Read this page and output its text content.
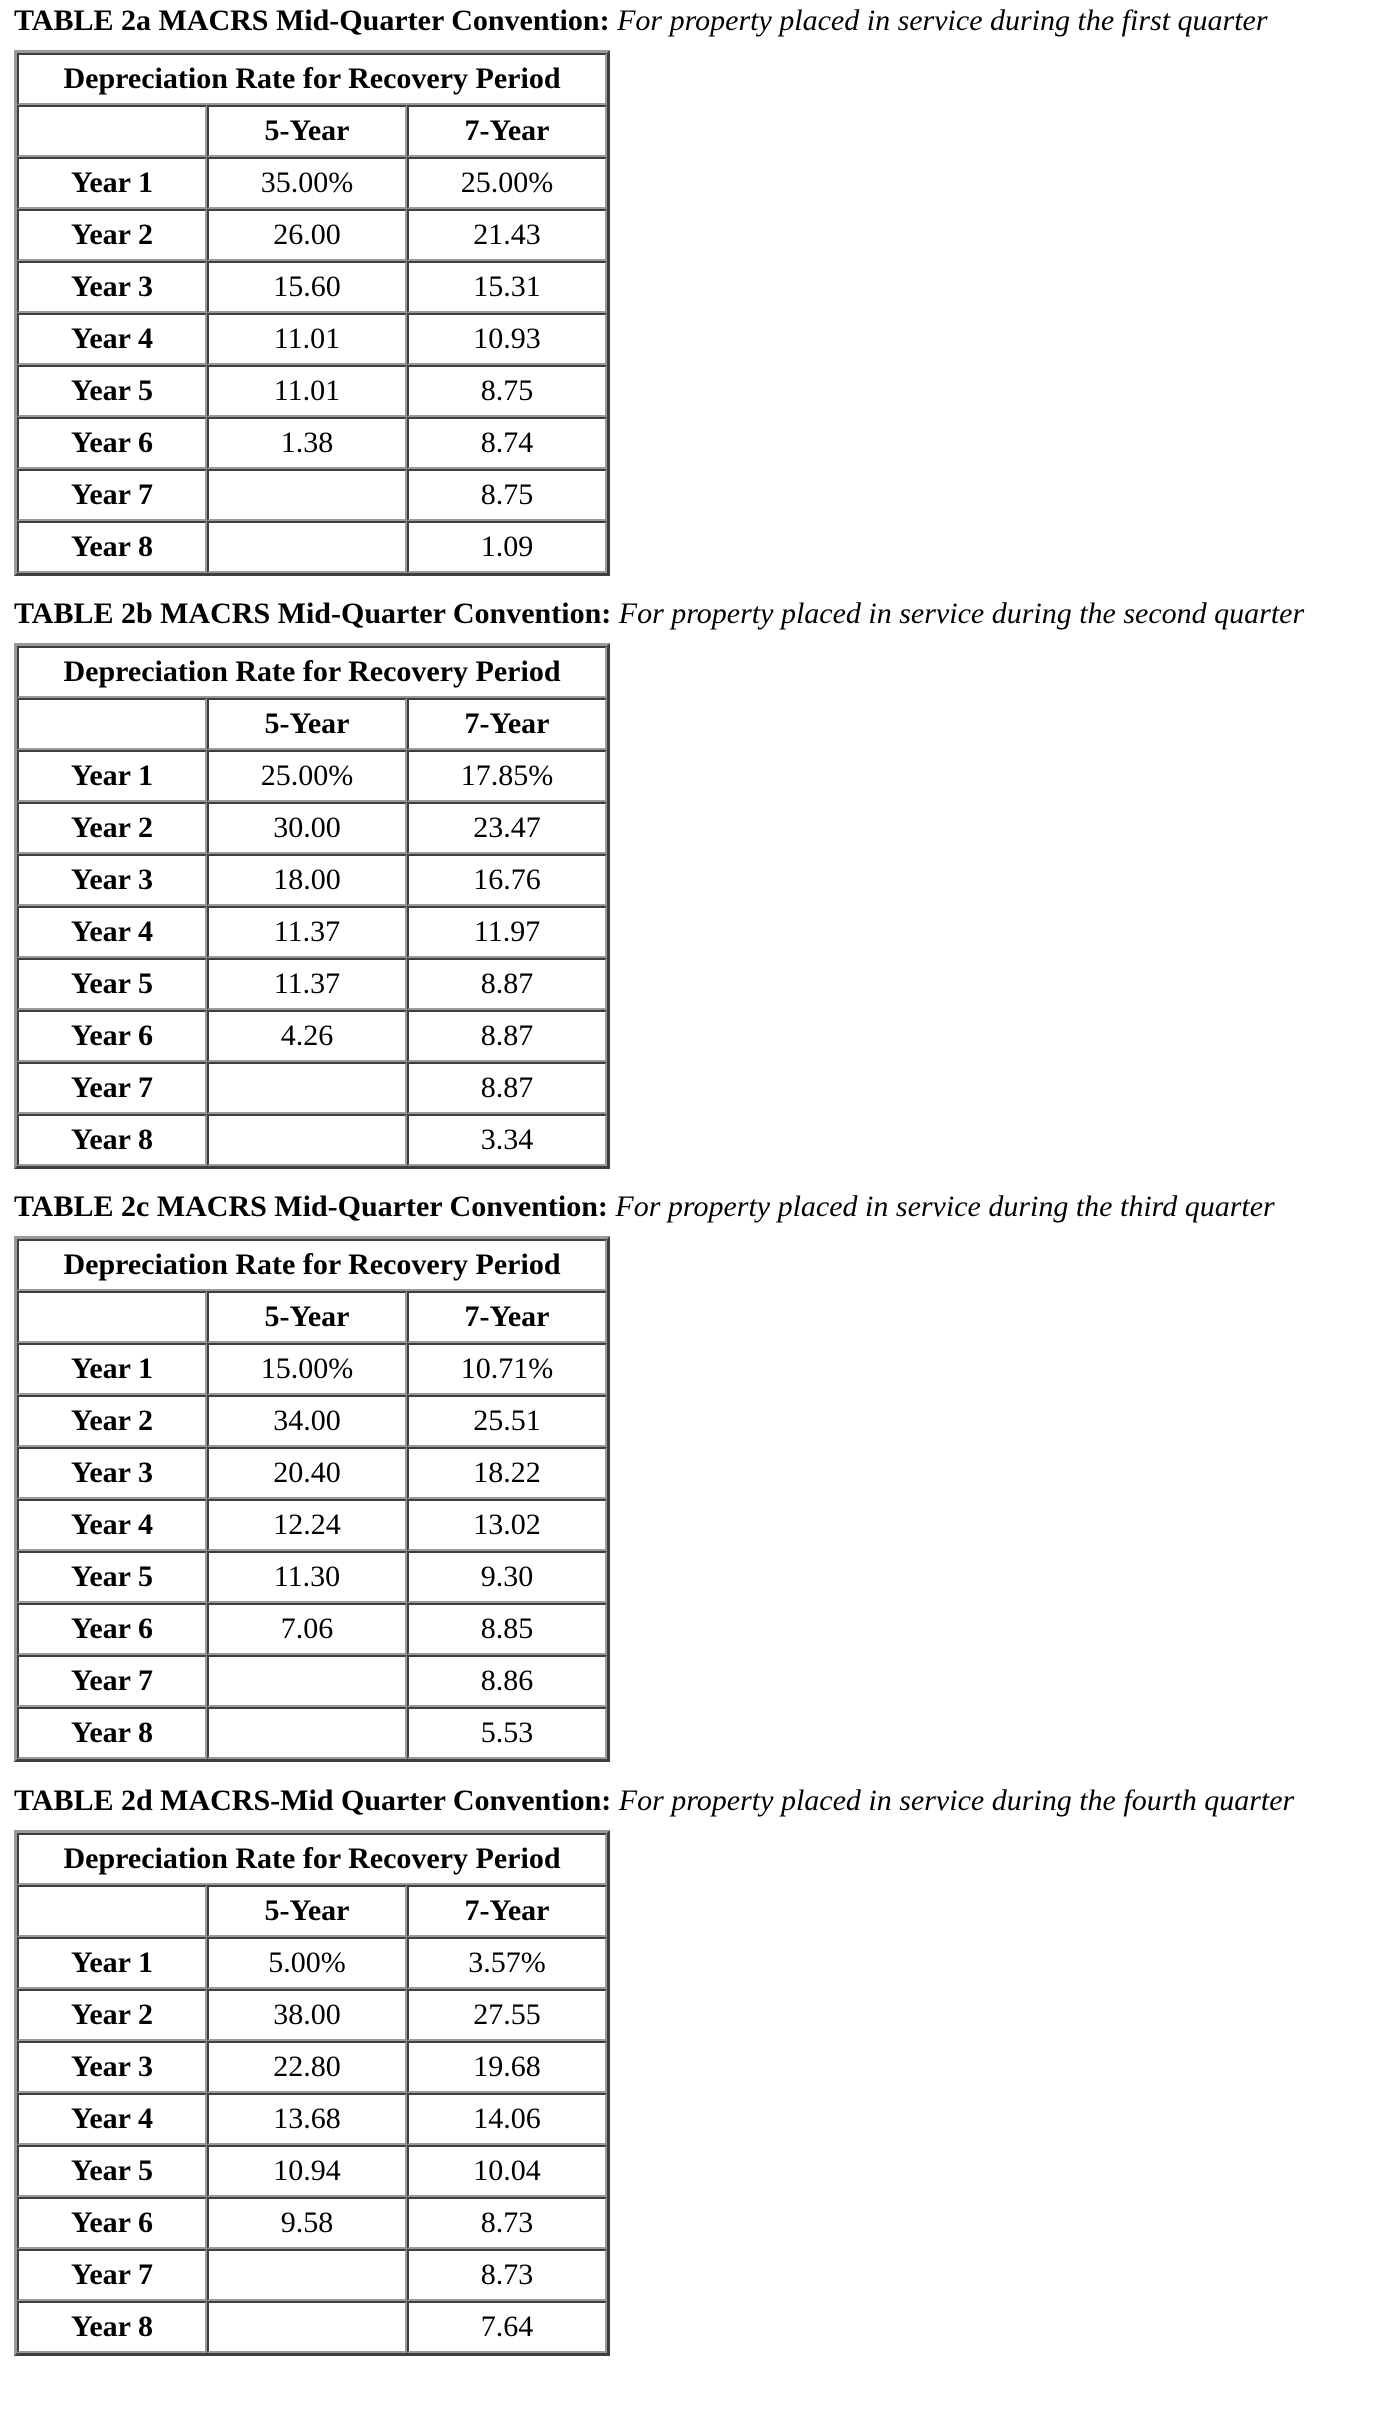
TABLE 2a MACRS Mid-Quarter Convention: For property placed in service during the first quarter
Depreciation Rate for Recovery Period		
	5-Year	7-Year
Year 1	35.00%	25.00%
Year 2	26.00	21.43
Year 3	15.60	15.31
Year 4	11.01	10.93
Year 5	11.01	8.75
Year 6	1.38	8.74
Year 7		8.75
Year 8		1.09
TABLE 2b MACRS Mid-Quarter Convention: For property placed in service during the second quarter
Depreciation Rate for Recovery Period		
	5-Year	7-Year
Year 1	25.00%	17.85%
Year 2	30.00	23.47
Year 3	18.00	16.76
Year 4	11.37	11.97
Year 5	11.37	8.87
Year 6	4.26	8.87
Year 7		8.87
Year 8		3.34
TABLE 2c MACRS Mid-Quarter Convention: For property placed in service during the third quarter
Depreciation Rate for Recovery Period		
	5-Year	7-Year
Year 1	15.00%	10.71%
Year 2	34.00	25.51
Year 3	20.40	18.22
Year 4	12.24	13.02
Year 5	11.30	9.30
Year 6	7.06	8.85
Year 7		8.86
Year 8		5.53
TABLE 2d MACRS-Mid Quarter Convention: For property placed in service during the fourth quarter
Depreciation Rate for Recovery Period		
	5-Year	7-Year
Year 1	5.00%	3.57%
Year 2	38.00	27.55
Year 3	22.80	19.68
Year 4	13.68	14.06
Year 5	10.94	10.04
Year 6	9.58	8.73
Year 7		8.73
Year 8		7.64
